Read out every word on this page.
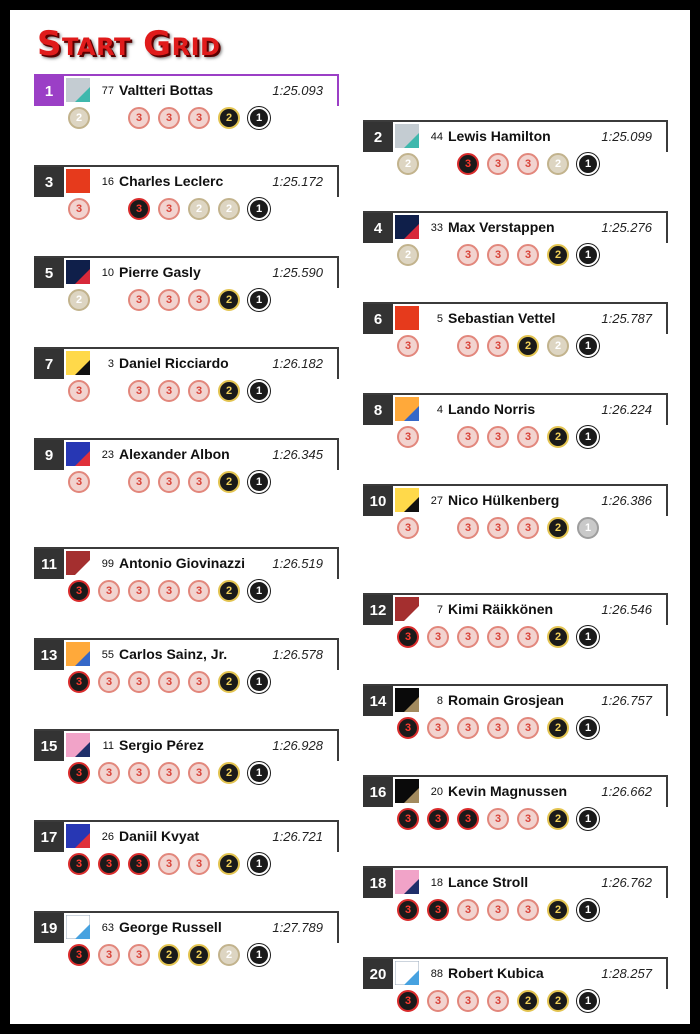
Start Grid
1	77 Valtteri Bottas	1:25.093
2	3	3	3	2	1
2	44 Lewis Hamilton	1:25.099
2	3	3	3	2	1
3	16 Charles Leclerc	1:25.172
3	3	3	2	2	1
4	33 Max Verstappen	1:25.276
2	3	3	3	2	1
5	10 Pierre Gasly	1:25.590
2	3	3	3	2	1
6	5 Sebastian Vettel	1:25.787
3	3	3	2	2	1
7	3 Daniel Ricciardo	1:26.182
3	3	3	3	2	1
8	4 Lando Norris	1:26.224
3	3	3	3	2	1
9	23 Alexander Albon	1:26.345
3	3	3	3	2	1
10	27 Nico Hülkenberg	1:26.386
3	3	3	3	2	1
11	99 Antonio Giovinazzi 1:26.519
3	3	3	3	3	2	1
12	7 Kimi Räikkönen	1:26.546
3	3	3	3	3	2	1
13	55 Carlos Sainz, Jr.	1:26.578
3	3	3	3	3	2	1
14	8 Romain Grosjean	1:26.757
3	3	3	3	3	2	1
15	11 Sergio Pérez	1:26.928
3	3	3	3	3	2	1
16	20 Kevin Magnussen	1:26.662
3	3	3	3	3	2	1
17	26 Daniil Kvyat	1:26.721
3	3	3	3	3	2	1
18	18 Lance Stroll	1:26.762
3	3	3	3	3	2	1
19	63 George Russell	1:27.789
3	3	3	2	2	2	1
20	88 Robert Kubica	1:28.257
3	3	3	3	2	2	1
